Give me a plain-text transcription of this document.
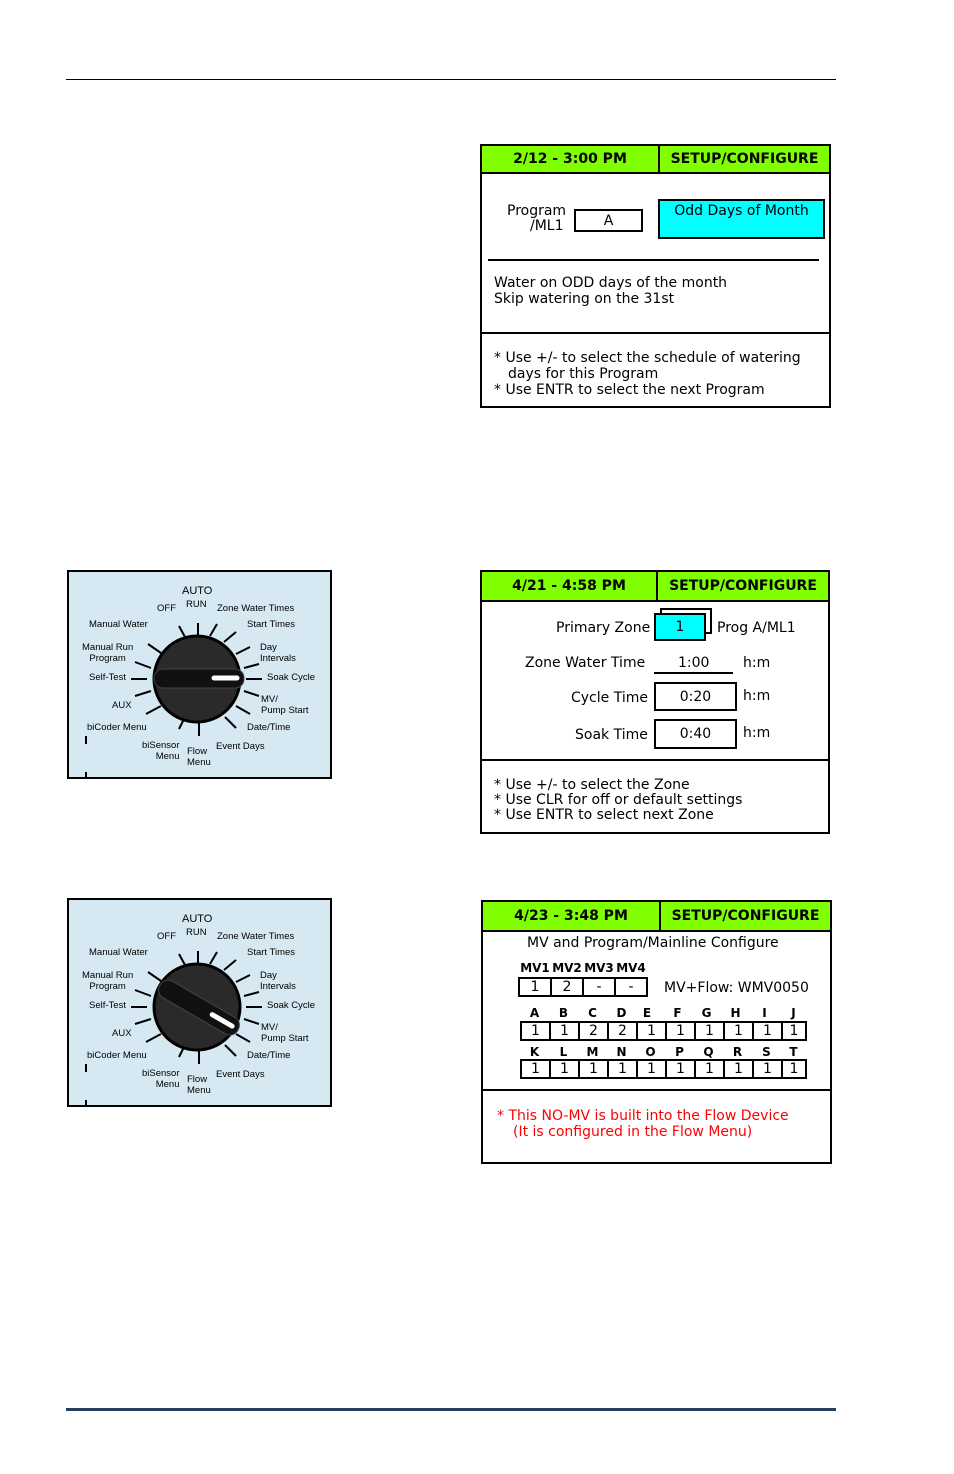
2/12 - 3:00 PM	SETUP/CONFIGURE
Program
/ML1	A
Odd Days of Month
Water on ODD days of the month
Skip watering on the 31st
* Use +/- to select the schedule of watering
days for this Program
* Use ENTR to select the next Program
AUTO
RUN
OFF
Manual Water
Manual Run
Program
Self-Test
AUX
biCoder Menu
biSensor
Menu Flow
Menu
Event Days
Date/Time
MV/
Pump Start
Soak Cycle
Day
Intervals
Start Times
Zone Water Times
4/21 - 4:58 PM	SETUP/CONFIGURE
Primary Zone	1	Prog A/ML1
Zone Water Time 1:00 h:m
Cycle Time	0:20	h:m
Soak Time	0:40	h:m
* Use +/- to select the Zone
* Use CLR for off or default settings
* Use ENTR to select next Zone
AUTO
RUN
OFF
Manual Water
Manual Run
Program
Self-Test
AUX
biCoder Menu
biSensor
Menu Flow
Menu
Event Days
Date/Time
MV/
Pump Start
Soak Cycle
Day
Intervals
Start Times
Zone Water Times
4/23 - 3:48 PM	SETUP/CONFIGURE
MV and Program/Mainline Configure
MV1 MV2 MV3 MV4
1	2	-	-	MV+Flow: WMV0050
A	B	C	D	E	F	G	H	I	J
1	1	2	2	1	1	1	1	1	1
K	L	M	N	O	P	Q	R	S	T
1	1	1	1	1	1	1	1	1	1
* This NO-MV is built into the Flow Device
(It is configured in the Flow Menu)
